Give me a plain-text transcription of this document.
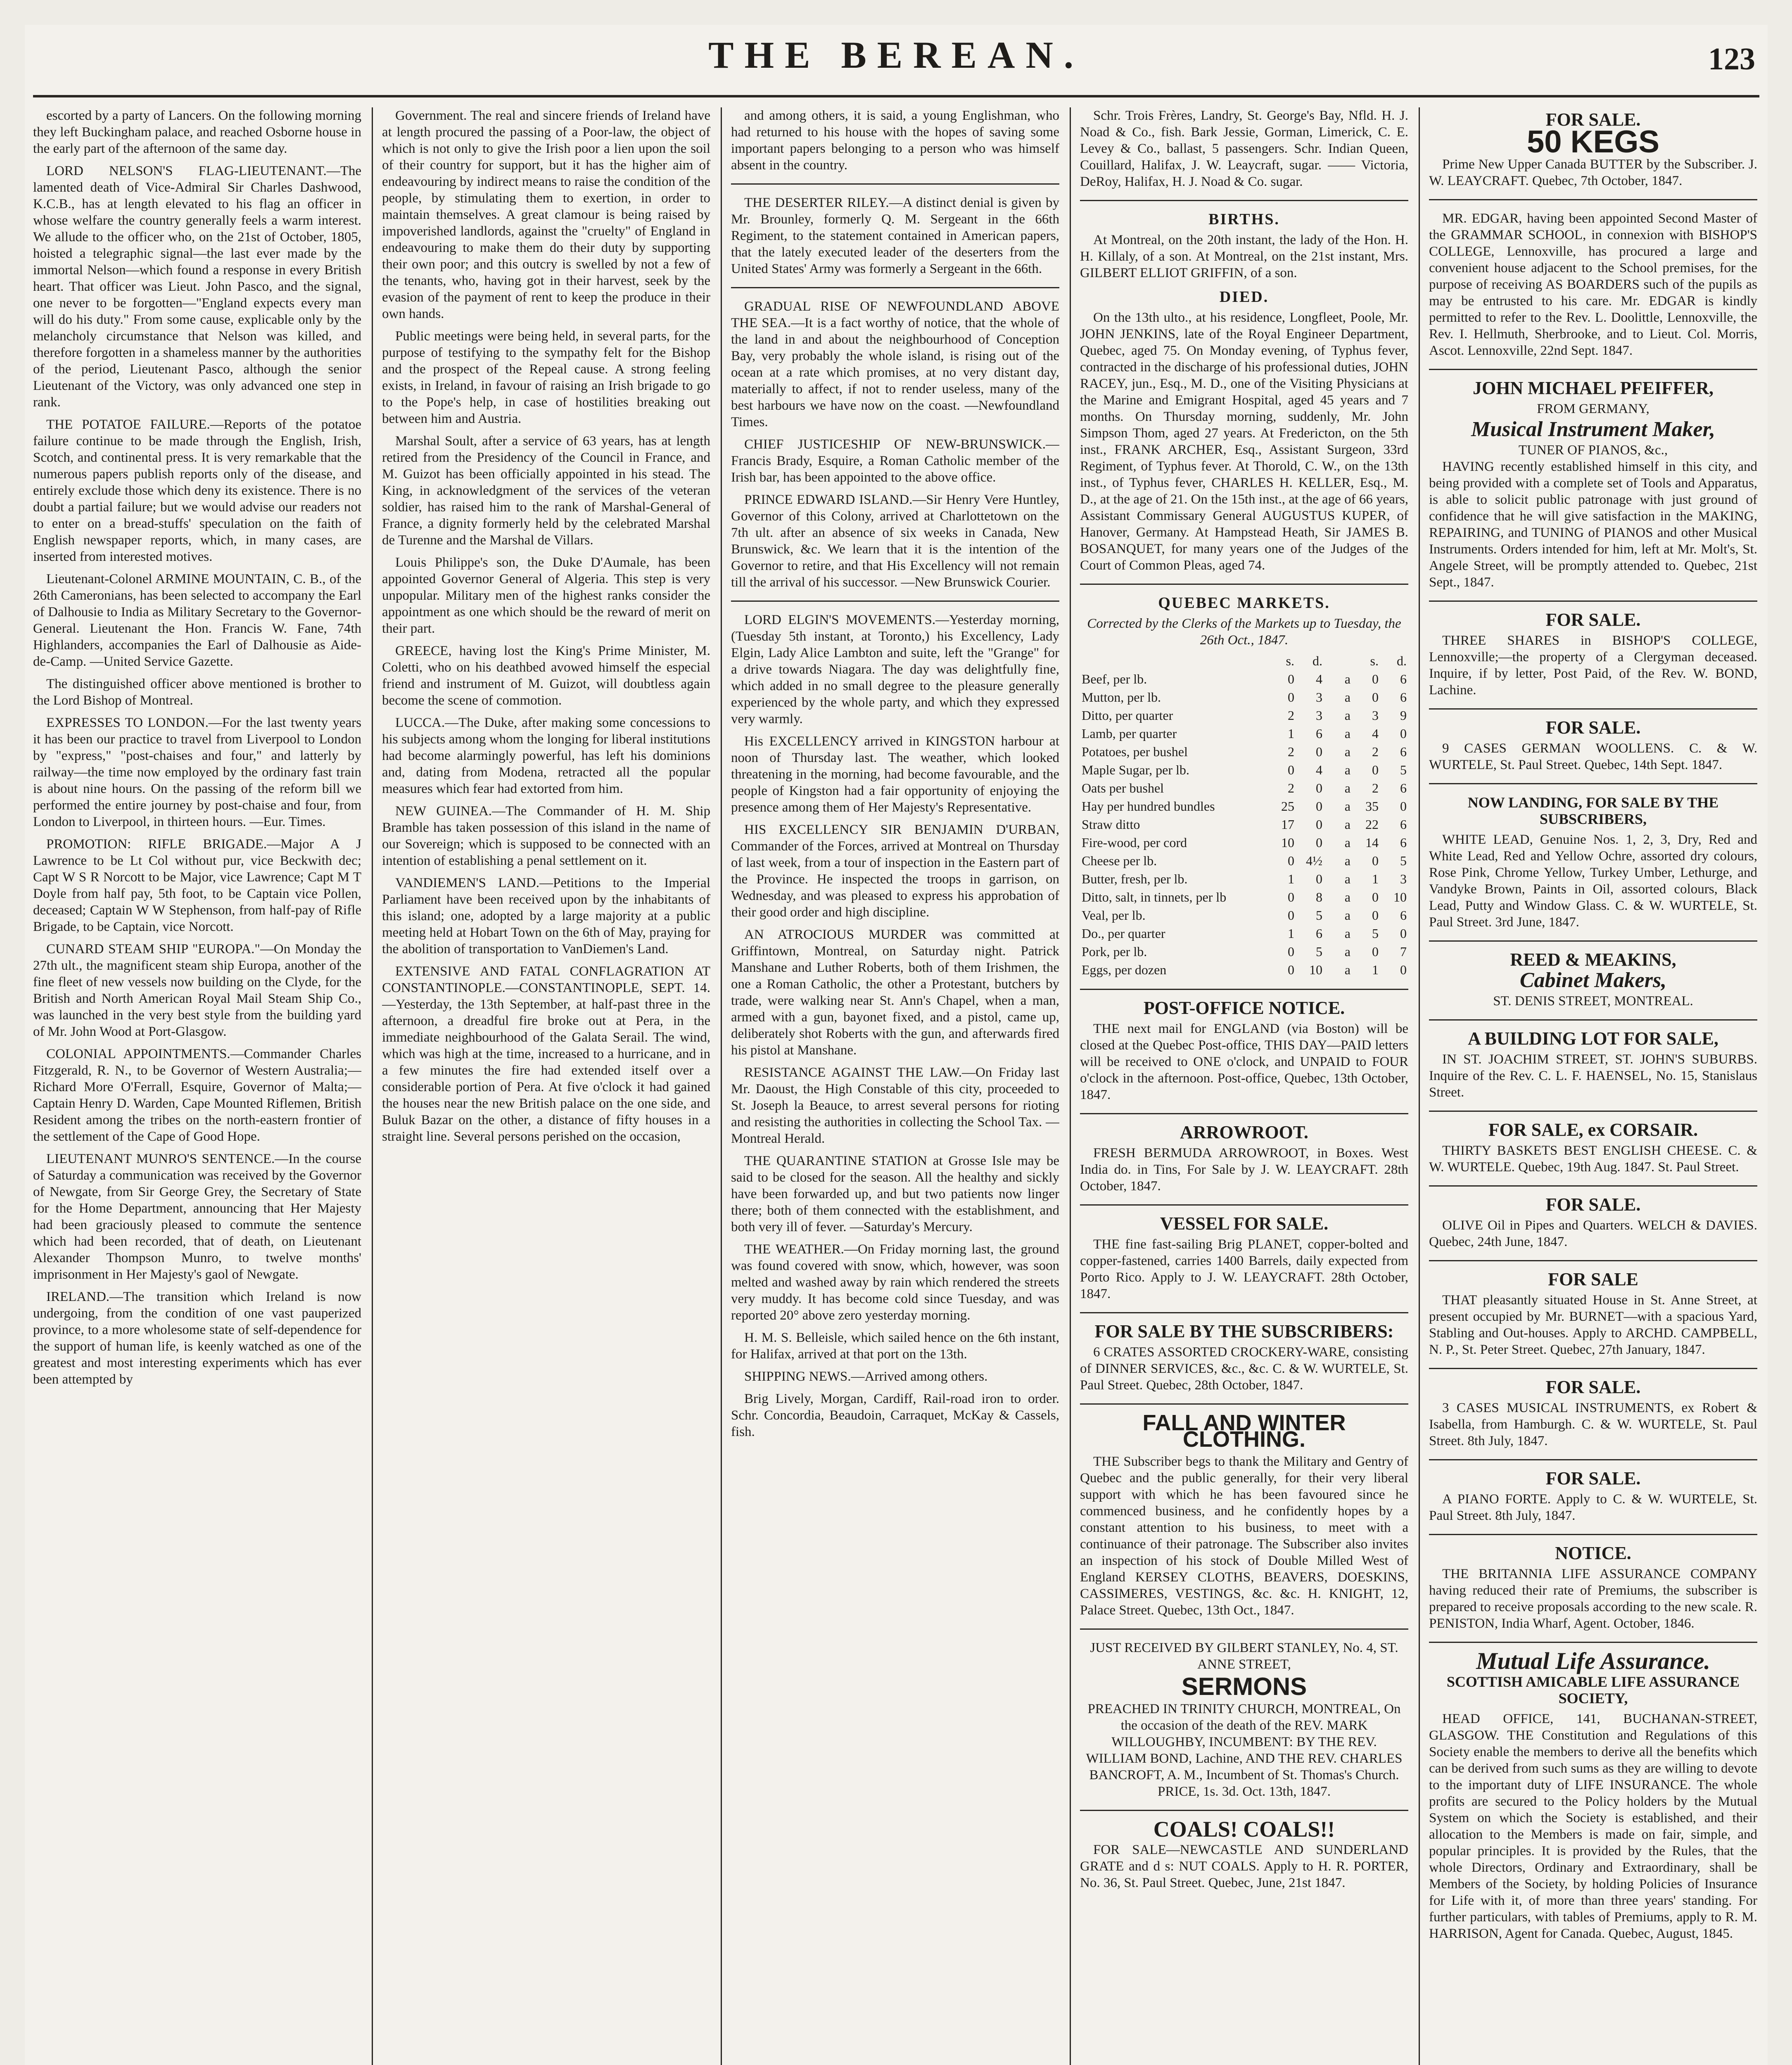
THE BEREAN.	123

escorted by a party of Lancers. On the following morning they left Buckingham palace, and reached Osborne house in the early part of the afternoon of the same day.

LORD NELSON'S FLAG-LIEUTENANT.—The lamented death of Vice-Admiral Sir Charles Dashwood, K.C.B., has at length elevated to his flag an officer in whose welfare the country generally feels a warm interest. We allude to the officer who, on the 21st of October, 1805, hoisted a telegraphic signal—the last ever made by the immortal Nelson—which found a response in every British heart. That officer was Lieut. John Pasco, and the signal, one never to be forgotten—"England expects every man will do his duty." From some cause, explicable only by the melancholy circumstance that Nelson was killed, and therefore forgotten in a shameless manner by the authorities of the period, Lieutenant Pasco, although the senior Lieutenant of the Victory, was only advanced one step in rank.

THE POTATOE FAILURE.—Reports of the potatoe failure continue to be made through the English, Irish, Scotch, and continental press. It is very remarkable that the numerous papers publish reports only of the disease, and entirely exclude those which deny its existence. There is no doubt a partial failure; but we would advise our readers not to enter on a bread-stuffs' speculation on the faith of English newspaper reports, which, in many cases, are inserted from interested motives.

Lieutenant-Colonel ARMINE MOUNTAIN, C. B., of the 26th Cameronians, has been selected to accompany the Earl of Dalhousie to India as Military Secretary to the Governor-General. Lieutenant the Hon. Francis W. Fane, 74th Highlanders, accompanies the Earl of Dalhousie as Aide-de-Camp. —United Service Gazette.

The distinguished officer above mentioned is brother to the Lord Bishop of Montreal.

EXPRESSES TO LONDON.—For the last twenty years it has been our practice to travel from Liverpool to London by "express," "post-chaises and four," and latterly by railway—the time now employed by the ordinary fast train is about nine hours. On the passing of the reform bill we performed the entire journey by post-chaise and four, from London to Liverpool, in thirteen hours. —Eur. Times.

PROMOTION: RIFLE BRIGADE.—Major A J Lawrence to be Lt Col without pur, vice Beckwith dec; Capt W S R Norcott to be Major, vice Lawrence; Capt M T Doyle from half pay, 5th foot, to be Captain vice Pollen, deceased; Captain W W Stephenson, from half-pay of Rifle Brigade, to be Captain, vice Norcott.

CUNARD STEAM SHIP "EUROPA."—On Monday the 27th ult., the magnificent steam ship Europa, another of the fine fleet of new vessels now building on the Clyde, for the British and North American Royal Mail Steam Ship Co., was launched in the very best style from the building yard of Mr. John Wood at Port-Glasgow.

COLONIAL APPOINTMENTS.—Commander Charles Fitzgerald, R. N., to be Governor of Western Australia;—Richard More O'Ferrall, Esquire, Governor of Malta;—Captain Henry D. Warden, Cape Mounted Riflemen, British Resident among the tribes on the north-eastern frontier of the settlement of the Cape of Good Hope.

LIEUTENANT MUNRO'S SENTENCE.—In the course of Saturday a communication was received by the Governor of Newgate, from Sir George Grey, the Secretary of State for the Home Department, announcing that Her Majesty had been graciously pleased to commute the sentence which had been recorded, that of death, on Lieutenant Alexander Thompson Munro, to twelve months' imprisonment in Her Majesty's gaol of Newgate.

IRELAND.—The transition which Ireland is now undergoing, from the condition of one vast pauperized province, to a more wholesome state of self-dependence for the support of human life, is keenly watched as one of the greatest and most interesting experiments which has ever been attempted by

Government. The real and sincere friends of Ireland have at length procured the passing of a Poor-law, the object of which is not only to give the Irish poor a lien upon the soil of their country for support, but it has the higher aim of endeavouring by indirect means to raise the condition of the people, by stimulating them to exertion, in order to maintain themselves. A great clamour is being raised by impoverished landlords, against the "cruelty" of England in endeavouring to make them do their duty by supporting their own poor; and this outcry is swelled by not a few of the tenants, who, having got in their harvest, seek by the evasion of the payment of rent to keep the produce in their own hands.

Public meetings were being held, in several parts, for the purpose of testifying to the sympathy felt for the Bishop and the prospect of the Repeal cause. A strong feeling exists, in Ireland, in favour of raising an Irish brigade to go to the Pope's help, in case of hostilities breaking out between him and Austria.

Marshal Soult, after a service of 63 years, has at length retired from the Presidency of the Council in France, and M. Guizot has been officially appointed in his stead. The King, in acknowledgment of the services of the veteran soldier, has raised him to the rank of Marshal-General of France, a dignity formerly held by the celebrated Marshal de Turenne and the Marshal de Villars.

Louis Philippe's son, the Duke D'Aumale, has been appointed Governor General of Algeria. This step is very unpopular. Military men of the highest ranks consider the appointment as one which should be the reward of merit on their part.

GREECE, having lost the King's Prime Minister, M. Coletti, who on his deathbed avowed himself the especial friend and instrument of M. Guizot, will doubtless again become the scene of commotion.

LUCCA.—The Duke, after making some concessions to his subjects among whom the longing for liberal institutions had become alarmingly powerful, has left his dominions and, dating from Modena, retracted all the popular measures which fear had extorted from him.

NEW GUINEA.—The Commander of H. M. Ship Bramble has taken possession of this island in the name of our Sovereign; which is supposed to be connected with an intention of establishing a penal settlement on it.

VANDIEMEN'S LAND.—Petitions to the Imperial Parliament have been received upon by the inhabitants of this island; one, adopted by a large majority at a public meeting held at Hobart Town on the 6th of May, praying for the abolition of transportation to VanDiemen's Land.

EXTENSIVE AND FATAL CONFLAGRATION AT CONSTANTINOPLE.—CONSTANTINOPLE, SEPT. 14.—Yesterday, the 13th September, at half-past three in the afternoon, a dreadful fire broke out at Pera, in the immediate neighbourhood of the Galata Serail. The wind, which was high at the time, increased to a hurricane, and in a few minutes the fire had extended itself over a considerable portion of Pera. At five o'clock it had gained the houses near the new British palace on the one side, and Buluk Bazar on the other, a distance of fifty houses in a straight line. Several persons perished on the occasion,

and among others, it is said, a young Englishman, who had returned to his house with the hopes of saving some important papers belonging to a person who was himself absent in the country.

THE DESERTER RILEY.—A distinct denial is given by Mr. Brounley, formerly Q. M. Sergeant in the 66th Regiment, to the statement contained in American papers, that the lately executed leader of the deserters from the United States' Army was formerly a Sergeant in the 66th.

GRADUAL RISE OF NEWFOUNDLAND ABOVE THE SEA.—It is a fact worthy of notice, that the whole of the land in and about the neighbourhood of Conception Bay, very probably the whole island, is rising out of the ocean at a rate which promises, at no very distant day, materially to affect, if not to render useless, many of the best harbours we have now on the coast. —Newfoundland Times.

CHIEF JUSTICESHIP OF NEW-BRUNSWICK.—Francis Brady, Esquire, a Roman Catholic member of the Irish bar, has been appointed to the above office.

PRINCE EDWARD ISLAND.—Sir Henry Vere Huntley, Governor of this Colony, arrived at Charlottetown on the 7th ult. after an absence of six weeks in Canada, New Brunswick, &c. We learn that it is the intention of the Governor to retire, and that His Excellency will not remain till the arrival of his successor. —New Brunswick Courier.

LORD ELGIN'S MOVEMENTS.—Yesterday morning, (Tuesday 5th instant, at Toronto,) his Excellency, Lady Elgin, Lady Alice Lambton and suite, left the "Grange" for a drive towards Niagara. The day was delightfully fine, which added in no small degree to the pleasure generally experienced by the whole party, and which they expressed very warmly.

His EXCELLENCY arrived in KINGSTON harbour at noon of Thursday last. The weather, which looked threatening in the morning, had become favourable, and the people of Kingston had a fair opportunity of enjoying the presence among them of Her Majesty's Representative.

HIS EXCELLENCY SIR BENJAMIN D'URBAN, Commander of the Forces, arrived at Montreal on Thursday of last week, from a tour of inspection in the Eastern part of the Province. He inspected the troops in garrison, on Wednesday, and was pleased to express his approbation of their good order and high discipline.

AN ATROCIOUS MURDER was committed at Griffintown, Montreal, on Saturday night. Patrick Manshane and Luther Roberts, both of them Irishmen, the one a Roman Catholic, the other a Protestant, butchers by trade, were walking near St. Ann's Chapel, when a man, armed with a gun, bayonet fixed, and a pistol, came up, deliberately shot Roberts with the gun, and afterwards fired his pistol at Manshane.

RESISTANCE AGAINST THE LAW.—On Friday last Mr. Daoust, the High Constable of this city, proceeded to St. Joseph la Beauce, to arrest several persons for rioting and resisting the authorities in collecting the School Tax. —Montreal Herald.

THE QUARANTINE STATION at Grosse Isle may be said to be closed for the season. All the healthy and sickly have been forwarded up, and but two patients now linger there; both of them connected with the establishment, and both very ill of fever. —Saturday's Mercury.

THE WEATHER.—On Friday morning last, the ground was found covered with snow, which, however, was soon melted and washed away by rain which rendered the streets very muddy. It has become cold since Tuesday, and was reported 20° above zero yesterday morning.

H. M. S. Belleisle, which sailed hence on the 6th instant, for Halifax, arrived at that port on the 13th.

SHIPPING NEWS.—Arrived among others.

Brig Lively, Morgan, Cardiff, Rail-road iron to order. Schr. Concordia, Beaudoin, Carraquet, McKay & Cassels, fish.

Schr. Trois Frères, Landry, St. George's Bay, Nfld. H. J. Noad & Co., fish. Bark Jessie, Gorman, Limerick, C. E. Levey & Co., ballast, 5 passengers. Schr. Indian Queen, Couillard, Halifax, J. W. Leaycraft, sugar. —— Victoria, DeRoy, Halifax, H. J. Noad & Co. sugar.

BIRTHS.

At Montreal, on the 20th instant, the lady of the Hon. H. H. Killaly, of a son. At Montreal, on the 21st instant, Mrs. GILBERT ELLIOT GRIFFIN, of a son.

DIED.

On the 13th ulto., at his residence, Longfleet, Poole, Mr. JOHN JENKINS, late of the Royal Engineer Department, Quebec, aged 75. On Monday evening, of Typhus fever, contracted in the discharge of his professional duties, JOHN RACEY, jun., Esq., M. D., one of the Visiting Physicians at the Marine and Emigrant Hospital, aged 45 years and 7 months. On Thursday morning, suddenly, Mr. John Simpson Thom, aged 27 years. At Fredericton, on the 5th inst., FRANK ARCHER, Esq., Assistant Surgeon, 33rd Regiment, of Typhus fever. At Thorold, C. W., on the 13th inst., of Typhus fever, CHARLES H. KELLER, Esq., M. D., at the age of 21. On the 15th inst., at the age of 66 years, Assistant Commissary General AUGUSTUS KUPER, of Hanover, Germany. At Hampstead Heath, Sir JAMES B. BOSANQUET, for many years one of the Judges of the Court of Common Pleas, aged 74.

QUEBEC MARKETS.
Corrected by the Clerks of the Markets up to Tuesday, the 26th Oct., 1847.
	s.	d.		s.	d.
Beef, per lb.	0	4	a	0	6
Mutton, per lb.	0	3	a	0	6
Ditto, per quarter	2	3	a	3	9
Lamb, per quarter	1	6	a	4	0
Potatoes, per bushel	2	0	a	2	6
Maple Sugar, per lb.	0	4	a	0	5
Oats per bushel	2	0	a	2	6
Hay per hundred bundles	25	0	a	35	0
Straw ditto	17	0	a	22	6
Fire-wood, per cord	10	0	a	14	6
Cheese per lb.	0	4½	a	0	5
Butter, fresh, per lb.	1	0	a	1	3
Ditto, salt, in tinnets, per lb	0	8	a	0	10
Veal, per lb.	0	5	a	0	6
Do., per quarter	1	6	a	5	0
Pork, per lb.	0	5	a	0	7
Eggs, per dozen	0	10	a	1	0
POST-OFFICE NOTICE.

THE next mail for ENGLAND (via Boston) will be closed at the Quebec Post-office, THIS DAY—PAID letters will be received to ONE o'clock, and UNPAID to FOUR o'clock in the afternoon. Post-office, Quebec, 13th October, 1847.

ARROWROOT.

FRESH BERMUDA ARROWROOT, in Boxes. West India do. in Tins, For Sale by J. W. LEAYCRAFT. 28th October, 1847.

VESSEL FOR SALE.

THE fine fast-sailing Brig PLANET, copper-bolted and copper-fastened, carries 1400 Barrels, daily expected from Porto Rico. Apply to J. W. LEAYCRAFT. 28th October, 1847.

FOR SALE BY THE SUBSCRIBERS:

6 CRATES ASSORTED CROCKERY-WARE, consisting of DINNER SERVICES, &c., &c. C. & W. WURTELE, St. Paul Street. Quebec, 28th October, 1847.

FALL AND WINTER CLOTHING.

THE Subscriber begs to thank the Military and Gentry of Quebec and the public generally, for their very liberal support with which he has been favoured since he commenced business, and he confidently hopes by a constant attention to his business, to meet with a continuance of their patronage. The Subscriber also invites an inspection of his stock of Double Milled West of England KERSEY CLOTHS, BEAVERS, DOESKINS, CASSIMERES, VESTINGS, &c. &c. H. KNIGHT, 12, Palace Street. Quebec, 13th Oct., 1847.

JUST RECEIVED BY GILBERT STANLEY, No. 4, ST. ANNE STREET,
SERMONS

PREACHED IN TRINITY CHURCH, MONTREAL, On the occasion of the death of the REV. MARK WILLOUGHBY, INCUMBENT: BY THE REV. WILLIAM BOND, Lachine, AND THE REV. CHARLES BANCROFT, A. M., Incumbent of St. Thomas's Church. PRICE, 1s. 3d. Oct. 13th, 1847.

COALS! COALS!!

FOR SALE—NEWCASTLE AND SUNDERLAND GRATE and d s: NUT COALS. Apply to H. R. PORTER, No. 36, St. Paul Street. Quebec, June, 21st 1847.

FOR SALE.
50 KEGS

Prime New Upper Canada BUTTER by the Subscriber. J. W. LEAYCRAFT. Quebec, 7th October, 1847.

MR. EDGAR, having been appointed Second Master of the GRAMMAR SCHOOL, in connexion with BISHOP'S COLLEGE, Lennoxville, has procured a large and convenient house adjacent to the School premises, for the purpose of receiving AS BOARDERS such of the pupils as may be entrusted to his care. Mr. EDGAR is kindly permitted to refer to the Rev. L. Doolittle, Lennoxville, the Rev. I. Hellmuth, Sherbrooke, and to Lieut. Col. Morris, Ascot. Lennoxville, 22nd Sept. 1847.

JOHN MICHAEL PFEIFFER,
FROM GERMANY,
Musical Instrument Maker,
TUNER OF PIANOS, &c.,

HAVING recently established himself in this city, and being provided with a complete set of Tools and Apparatus, is able to solicit public patronage with just ground of confidence that he will give satisfaction in the MAKING, REPAIRING, and TUNING of PIANOS and other Musical Instruments. Orders intended for him, left at Mr. Molt's, St. Angele Street, will be promptly attended to. Quebec, 21st Sept., 1847.

FOR SALE.

THREE SHARES in BISHOP'S COLLEGE, Lennoxville;—the property of a Clergyman deceased. Inquire, if by letter, Post Paid, of the Rev. W. BOND, Lachine.

FOR SALE.

9 CASES GERMAN WOOLLENS. C. & W. WURTELE, St. Paul Street. Quebec, 14th Sept. 1847.

NOW LANDING, FOR SALE BY THE SUBSCRIBERS,

WHITE LEAD, Genuine Nos. 1, 2, 3, Dry, Red and White Lead, Red and Yellow Ochre, assorted dry colours, Rose Pink, Chrome Yellow, Turkey Umber, Lethurge, and Vandyke Brown, Paints in Oil, assorted colours, Black Lead, Putty and Window Glass. C. & W. WURTELE, St. Paul Street. 3rd June, 1847.

REED & MEAKINS,
Cabinet Makers,
ST. DENIS STREET, MONTREAL.
A BUILDING LOT FOR SALE,

IN ST. JOACHIM STREET, ST. JOHN'S SUBURBS. Inquire of the Rev. C. L. F. HAENSEL, No. 15, Stanislaus Street.

FOR SALE, ex CORSAIR.

THIRTY BASKETS BEST ENGLISH CHEESE. C. & W. WURTELE. Quebec, 19th Aug. 1847. St. Paul Street.

FOR SALE.

OLIVE Oil in Pipes and Quarters. WELCH & DAVIES. Quebec, 24th June, 1847.

FOR SALE

THAT pleasantly situated House in St. Anne Street, at present occupied by Mr. BURNET—with a spacious Yard, Stabling and Out-houses. Apply to ARCHD. CAMPBELL, N. P., St. Peter Street. Quebec, 27th January, 1847.

FOR SALE.

3 CASES MUSICAL INSTRUMENTS, ex Robert & Isabella, from Hamburgh. C. & W. WURTELE, St. Paul Street. 8th July, 1847.

FOR SALE.

A PIANO FORTE. Apply to C. & W. WURTELE, St. Paul Street. 8th July, 1847.

NOTICE.

THE BRITANNIA LIFE ASSURANCE COMPANY having reduced their rate of Premiums, the subscriber is prepared to receive proposals according to the new scale. R. PENISTON, India Wharf, Agent. October, 1846.

Mutual Life Assurance.
SCOTTISH AMICABLE LIFE ASSURANCE SOCIETY,

HEAD OFFICE, 141, BUCHANAN-STREET, GLASGOW. THE Constitution and Regulations of this Society enable the members to derive all the benefits which can be derived from such sums as they are willing to devote to the important duty of LIFE INSURANCE. The whole profits are secured to the Policy holders by the Mutual System on which the Society is established, and their allocation to the Members is made on fair, simple, and popular principles. It is provided by the Rules, that the whole Directors, Ordinary and Extraordinary, shall be Members of the Society, by holding Policies of Insurance for Life with it, of more than three years' standing. For further particulars, with tables of Premiums, apply to R. M. HARRISON, Agent for Canada. Quebec, August, 1845.
